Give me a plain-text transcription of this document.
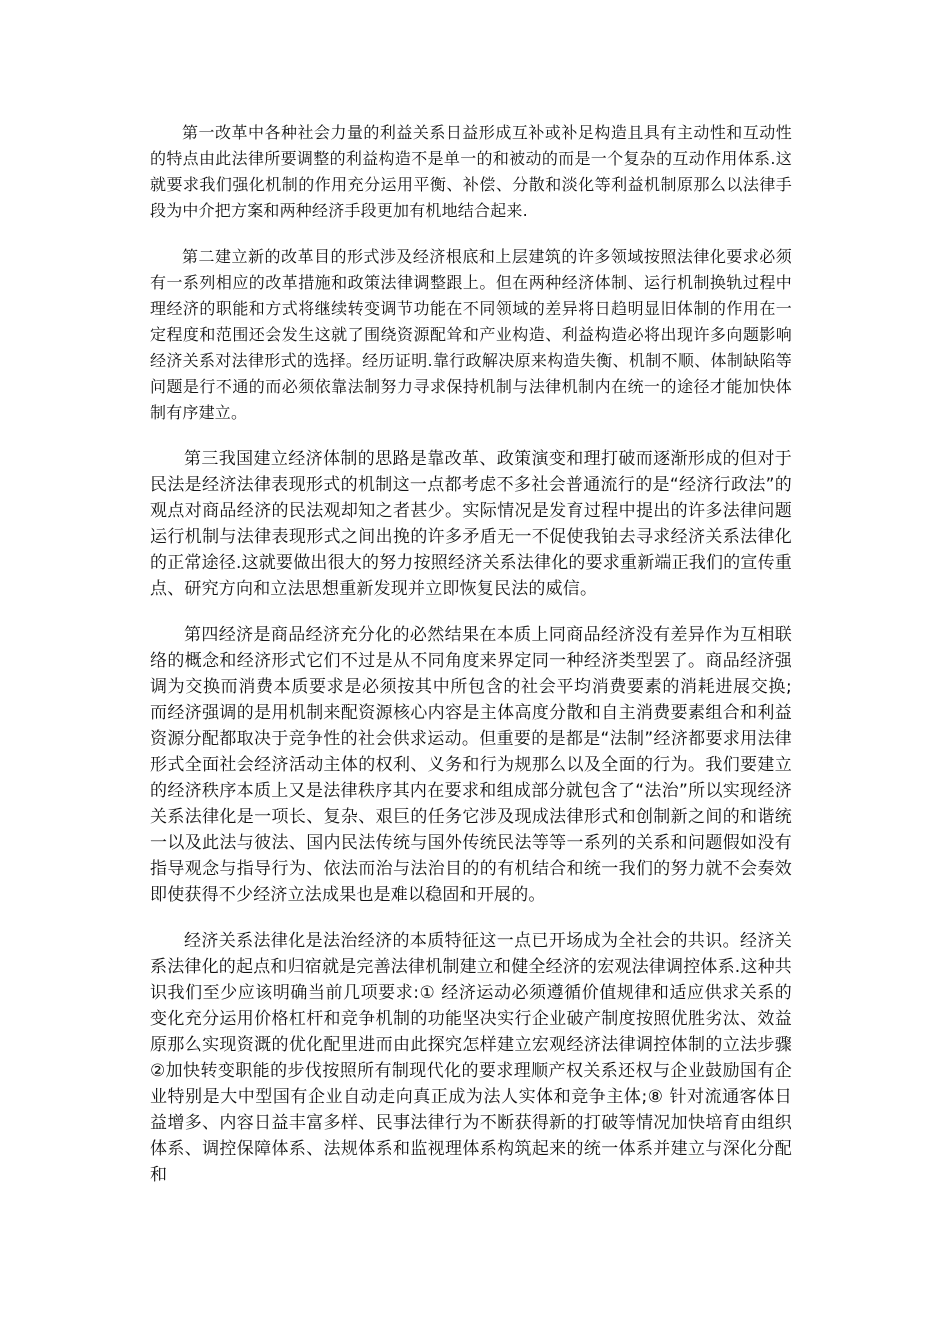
第一改革中各种社会力量的利益关系日益形成互补或补足构造且具有主动性和互动性的特点由此法律所要调整的利益构造不是单一的和被动的而是一个复杂的互动作用体系.这就要求我们强化机制的作用充分运用平衡、补偿、分散和淡化等利益机制原那么以法律手段为中介把方案和两种经济手段更加有机地结合起来.

第二建立新的改革目的形式涉及经济根底和上层建筑的许多领域按照法律化要求必须有一系列相应的改革措施和政策法律调整跟上。但在两种经济体制、运行机制换轨过程中理经济的职能和方式将继续转变调节功能在不同领域的差异将日趋明显旧体制的作用在一定程度和范围还会发生这就了围绕资源配耸和产业构造、利益构造必将出现许多向题影响经济关系对法律形式的选择。经历证明.靠行政解决原来构造失衡、机制不顺、体制缺陷等问题是行不通的而必须依靠法制努力寻求保持机制与法律机制内在统一的途径才能加快体制有序建立。

第三我国建立经济体制的思路是靠改革、政策演变和理打破而逐渐形成的但对于民法是经济法律表现形式的机制这一点都考虑不多社会普通流行的是“经济行政法”的观点对商品经济的民法观却知之者甚少。实际情况是发育过程中提出的许多法律问题运行机制与法律表现形式之间出挽的许多矛盾无一不促使我铂去寻求经济关系法律化的正常途径.这就要做出很大的努力按照经济关系法律化的要求重新端正我们的宣传重点、研究方向和立法思想重新发现并立即恢复民法的威信。

第四经济是商品经济充分化的必然结果在本质上同商品经济没有差异作为互相联络的概念和经济形式它们不过是从不同角度来界定同一种经济类型罢了。商品经济强调为交换而消费本质要求是必须按其中所包含的社会平均消费要素的消耗进展交换;而经济强调的是用机制来配资源核心内容是主体高度分散和自主消费要素组合和利益资源分配都取决于竞争性的社会供求运动。但重要的是都是“法制”经济都要求用法律形式全面社会经济活动主体的权利、义务和行为规那么以及全面的行为。我们要建立的经济秩序本质上又是法律秩序其内在要求和组成部分就包含了“法治”所以实现经济关系法律化是一项长、复杂、艰巨的任务它涉及现成法律形式和创制新之间的和谐统一以及此法与彼法、国内民法传统与国外传统民法等等一系列的关系和问题假如没有指导观念与指导行为、依法而治与法治目的的有机结合和统一我们的努力就不会奏效即使获得不少经济立法成果也是难以稳固和开展的。

经济关系法律化是法治经济的本质特征这一点已开场成为全社会的共识。经济关系法律化的起点和归宿就是完善法律机制建立和健全经济的宏观法律调控体系.这种共识我们至少应该明确当前几项要求:① 经济运动必须遵循价值规律和适应供求关系的变化充分运用价格杠杆和竞争机制的功能坚决实行企业破产制度按照优胜劣汰、效益原那么实现资溉的优化配里进而由此探究怎样建立宏观经济法律调控体制的立法步骤②加快转变职能的步伐按照所有制现代化的要求理顺产权关系还权与企业鼓励国有企业特别是大中型国有企业自动走向真正成为法人实体和竞争主体;⑧ 针对流通客体日益增多、内容日益丰富多样、民事法律行为不断获得新的打破等情况加快培育由组织体系、调控保障体系、法规体系和监视理体系构筑起来的统一体系并建立与深化分配和
